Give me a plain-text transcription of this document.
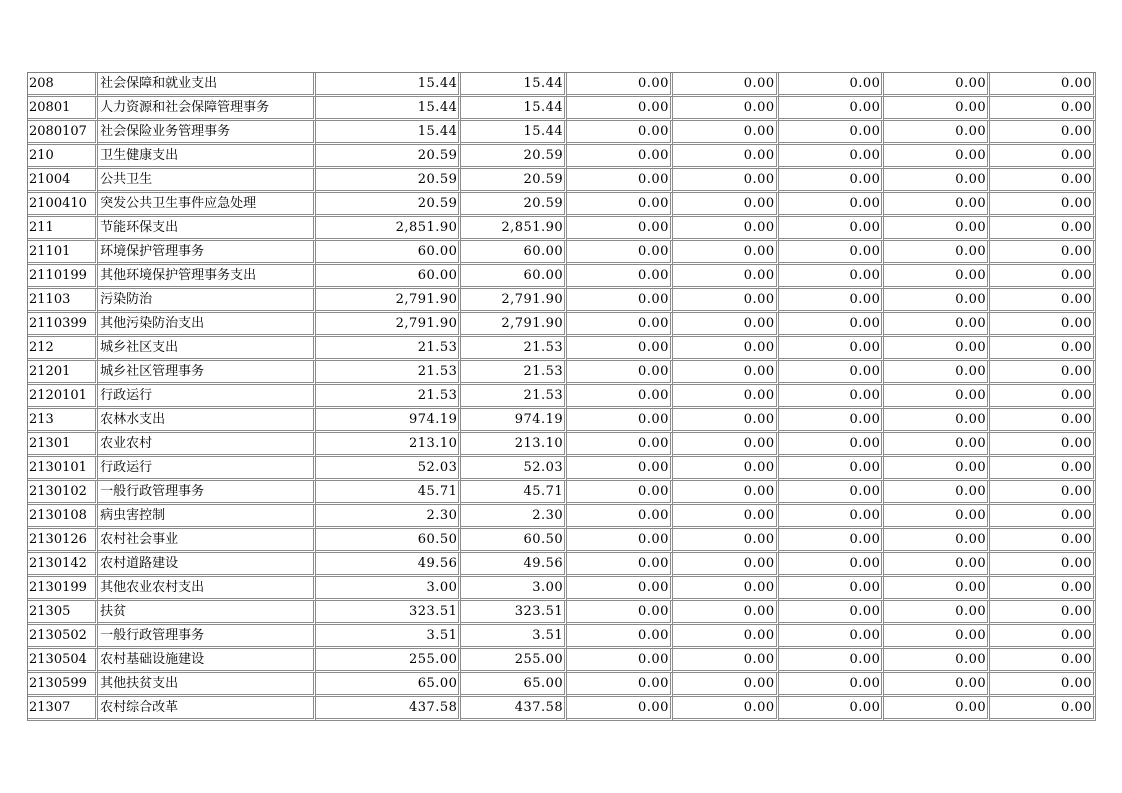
208	社会保障和就业支出	15.44	15.44	0.00	0.00	0.00	0.00	0.00
20801	人力资源和社会保障管理事务	15.44	15.44	0.00	0.00	0.00	0.00	0.00
2080107	社会保险业务管理事务	15.44	15.44	0.00	0.00	0.00	0.00	0.00
210	卫生健康支出	20.59	20.59	0.00	0.00	0.00	0.00	0.00
21004	公共卫生	20.59	20.59	0.00	0.00	0.00	0.00	0.00
2100410	突发公共卫生事件应急处理	20.59	20.59	0.00	0.00	0.00	0.00	0.00
211	节能环保支出	2,851.90	2,851.90	0.00	0.00	0.00	0.00	0.00
21101	环境保护管理事务	60.00	60.00	0.00	0.00	0.00	0.00	0.00
2110199	其他环境保护管理事务支出	60.00	60.00	0.00	0.00	0.00	0.00	0.00
21103	污染防治	2,791.90	2,791.90	0.00	0.00	0.00	0.00	0.00
2110399	其他污染防治支出	2,791.90	2,791.90	0.00	0.00	0.00	0.00	0.00
212	城乡社区支出	21.53	21.53	0.00	0.00	0.00	0.00	0.00
21201	城乡社区管理事务	21.53	21.53	0.00	0.00	0.00	0.00	0.00
2120101	行政运行	21.53	21.53	0.00	0.00	0.00	0.00	0.00
213	农林水支出	974.19	974.19	0.00	0.00	0.00	0.00	0.00
21301	农业农村	213.10	213.10	0.00	0.00	0.00	0.00	0.00
2130101	行政运行	52.03	52.03	0.00	0.00	0.00	0.00	0.00
2130102	一般行政管理事务	45.71	45.71	0.00	0.00	0.00	0.00	0.00
2130108	病虫害控制	2.30	2.30	0.00	0.00	0.00	0.00	0.00
2130126	农村社会事业	60.50	60.50	0.00	0.00	0.00	0.00	0.00
2130142	农村道路建设	49.56	49.56	0.00	0.00	0.00	0.00	0.00
2130199	其他农业农村支出	3.00	3.00	0.00	0.00	0.00	0.00	0.00
21305	扶贫	323.51	323.51	0.00	0.00	0.00	0.00	0.00
2130502	一般行政管理事务	3.51	3.51	0.00	0.00	0.00	0.00	0.00
2130504	农村基础设施建设	255.00	255.00	0.00	0.00	0.00	0.00	0.00
2130599	其他扶贫支出	65.00	65.00	0.00	0.00	0.00	0.00	0.00
21307	农村综合改革	437.58	437.58	0.00	0.00	0.00	0.00	0.00
